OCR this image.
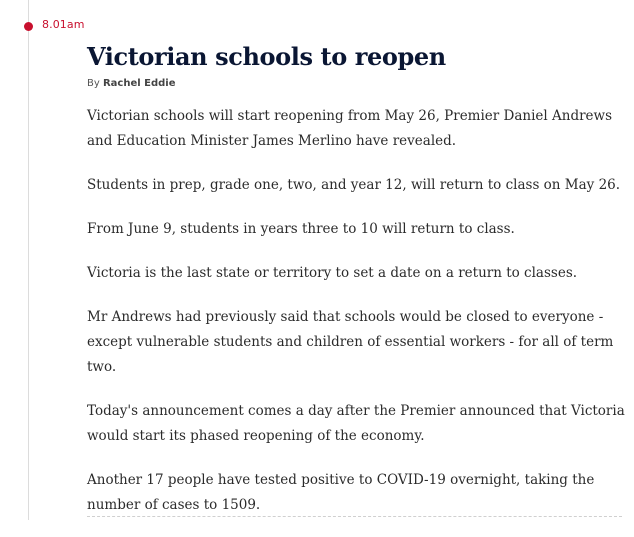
8.01am
Victorian schools to reopen
By Rachel Eddie

Victorian schools will start reopening from May 26, Premier Daniel Andrews and Education Minister James Merlino have revealed.

Students in prep, grade one, two, and year 12, will return to class on May 26.

From June 9, students in years three to 10 will return to class.

Victoria is the last state or territory to set a date on a return to classes.

Mr Andrews had previously said that schools would be closed to everyone - except vulnerable students and children of essential workers - for all of term two.

Today's announcement comes a day after the Premier announced that Victoria would start its phased reopening of the economy.

Another 17 people have tested positive to COVID-19 overnight, taking the number of cases to 1509.
